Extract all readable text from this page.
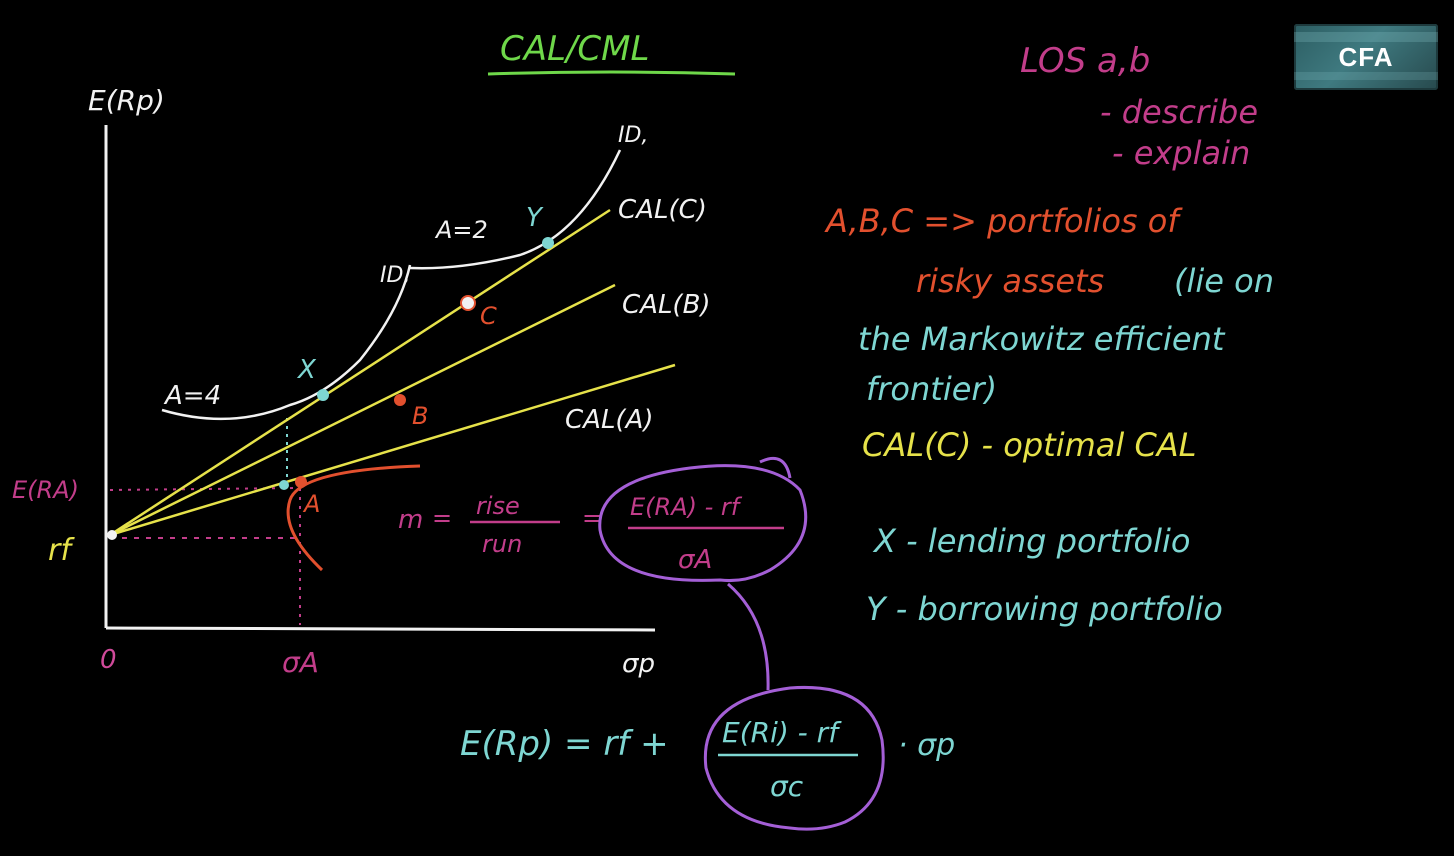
CAL/CML
E(Rp)
σp
0
rf
E(RA)
σA
CAL(A)
CAL(B)
CAL(C)
A=4
A=2
ID,
ID,
A
B
C
X
Y
m = rise
run
= E(RA) - rf
σA
E(Rp) = rf + E(Ri) - rf
σc
· σp
LOS a,b
- describe
- explain
A,B,C => portfolios of
risky assets (lie on
the Markowitz efficient
frontier)
CAL(C) - optimal CAL
X - lending portfolio
Y - borrowing portfolio
CFA
